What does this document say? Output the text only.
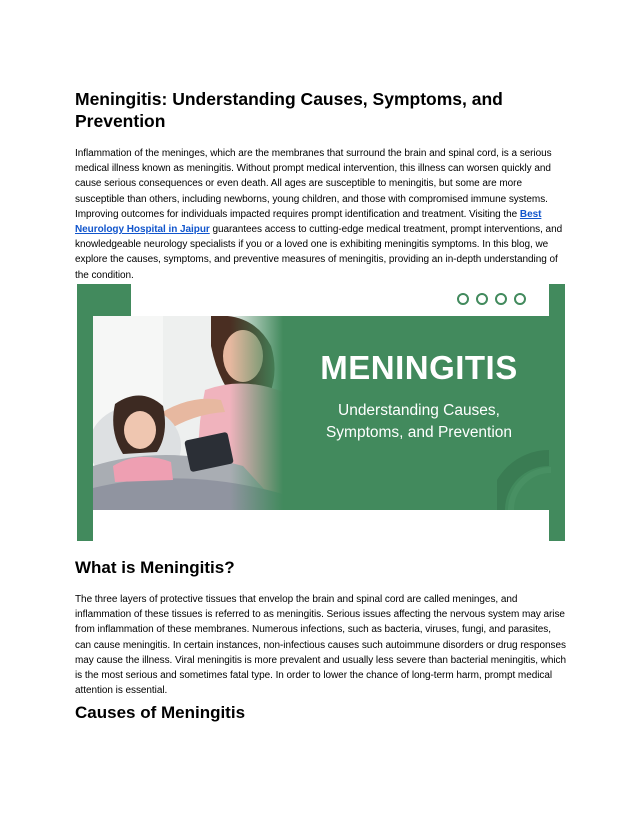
Meningitis: Understanding Causes, Symptoms, and Prevention

Inflammation of the meninges, which are the membranes that surround the brain and spinal cord, is a serious medical illness known as meningitis. Without prompt medical intervention, this illness can worsen quickly and cause serious consequences or even death. All ages are susceptible to meningitis, but some are more susceptible than others, including newborns, young children, and those with compromised immune systems. Improving outcomes for individuals impacted requires prompt identification and treatment. Visiting the Best Neurology Hospital in Jaipur guarantees access to cutting-edge medical treatment, prompt interventions, and knowledgeable neurology specialists if you or a loved one is exhibiting meningitis symptoms. In this blog, we explore the causes, symptoms, and preventive measures of meningitis, providing an in-depth understanding of the condition.

MENINGITIS
Understanding Causes,
Symptoms, and Prevention
What is Meningitis?

The three layers of protective tissues that envelop the brain and spinal cord are called meninges, and inflammation of these tissues is referred to as meningitis. Serious issues affecting the nervous system may arise from inflammation of these membranes. Numerous infections, such as bacteria, viruses, fungi, and parasites, can cause meningitis. In certain instances, non-infectious causes such autoimmune disorders or drug responses may cause the illness. Viral meningitis is more prevalent and usually less severe than bacterial meningitis, which is the most serious and sometimes fatal type. In order to lower the chance of long-term harm, prompt medical attention is essential.

Causes of Meningitis
